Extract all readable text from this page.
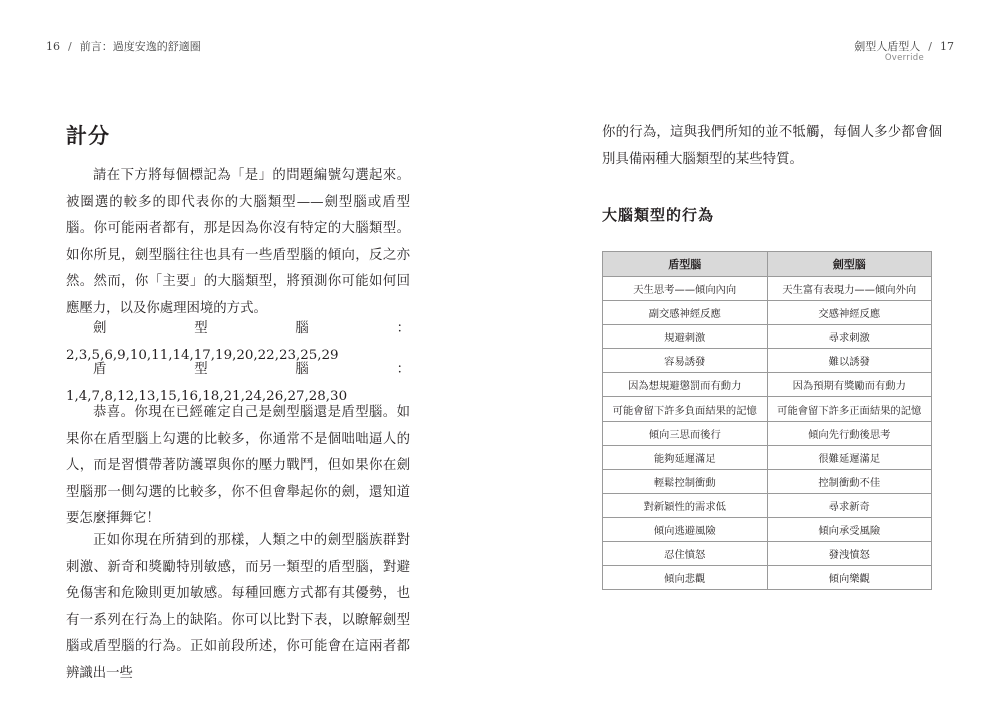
16 / 前言：過度安逸的舒適圈
計分

請在下方將每個標記為「是」的問題編號勾選起來。被圈選的較多的即代表你的大腦類型——劍型腦或盾型腦。你可能兩者都有，那是因為你沒有特定的大腦類型。如你所見，劍型腦往往也具有一些盾型腦的傾向，反之亦然。然而，你「主要」的大腦類型，將預測你可能如何回應壓力，以及你處理困境的方式。

劍型腦：2,3,5,6,9,10,11,14,17,19,20,22,23,25,29

盾型腦：1,4,7,8,12,13,15,16,18,21,24,26,27,28,30

恭喜。你現在已經確定自己是劍型腦還是盾型腦。如果你在盾型腦上勾選的比較多，你通常不是個咄咄逼人的人，而是習慣帶著防護罩與你的壓力戰鬥，但如果你在劍型腦那一側勾選的比較多，你不但會舉起你的劍，還知道要怎麼揮舞它！

正如你現在所猜到的那樣，人類之中的劍型腦族群對刺激、新奇和獎勵特別敏感，而另一類型的盾型腦，對避免傷害和危險則更加敏感。每種回應方式都有其優勢，也有一系列在行為上的缺陷。你可以比對下表，以瞭解劍型腦或盾型腦的行為。正如前段所述，你可能會在這兩者都辨識出一些

劍型人盾型人 / 17
Override

你的行為，這與我們所知的並不牴觸，每個人多少都會個別具備兩種大腦類型的某些特質。

大腦類型的行為
盾型腦	劍型腦
天生思考——傾向內向	天生富有表現力——傾向外向
副交感神經反應	交感神經反應
規避刺激	尋求刺激
容易誘發	難以誘發
因為想規避懲罰而有動力	因為預期有獎勵而有動力
可能會留下許多負面結果的記憶	可能會留下許多正面結果的記憶
傾向三思而後行	傾向先行動後思考
能夠延遲滿足	很難延遲滿足
輕鬆控制衝動	控制衝動不佳
對新穎性的需求低	尋求新奇
傾向逃避風險	傾向承受風險
忍住憤怒	發洩憤怒
傾向悲觀	傾向樂觀
